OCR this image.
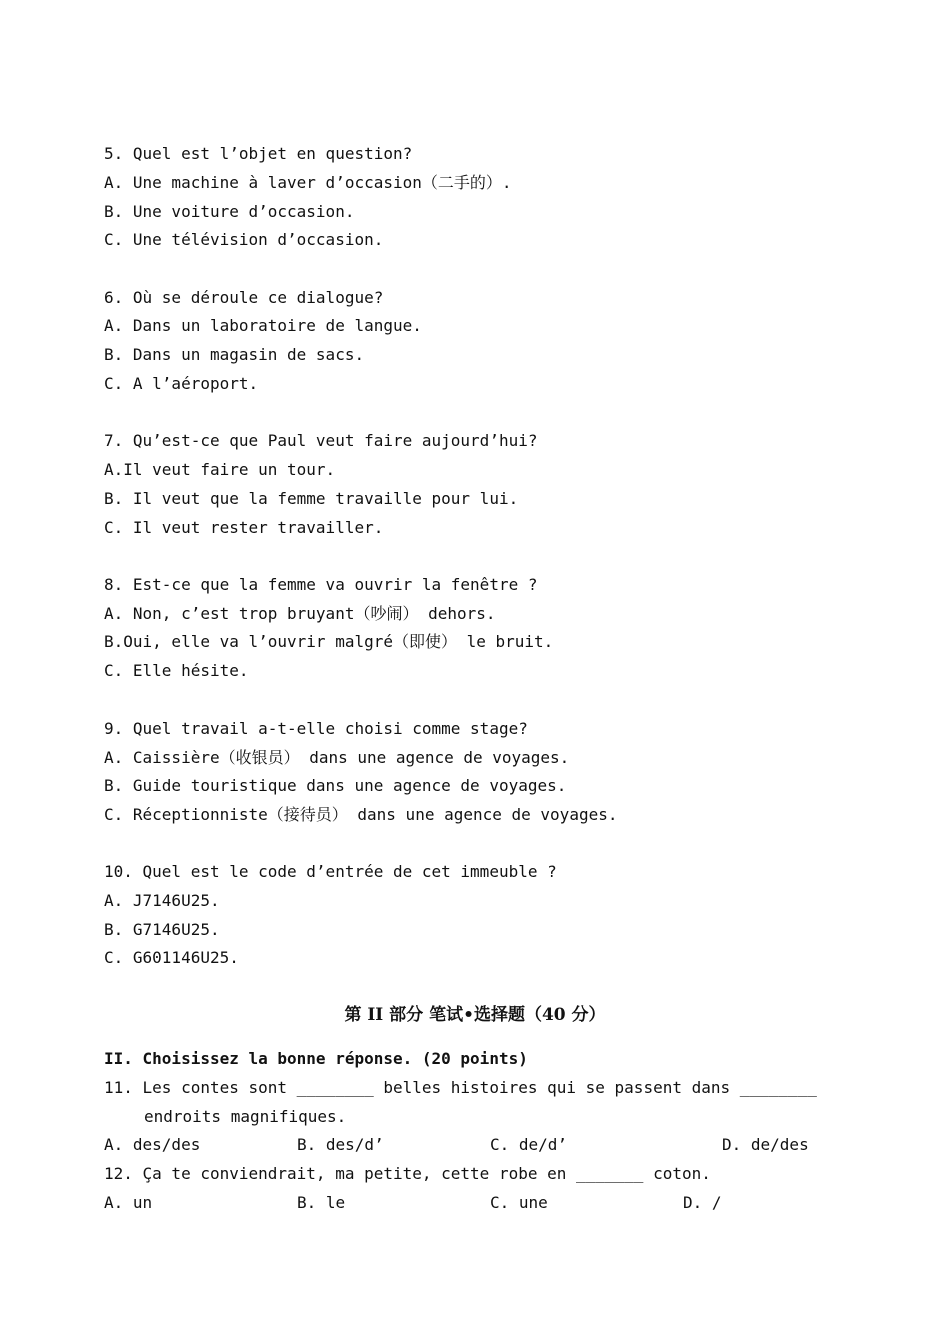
5. Quel est l’objet en question?
A. Une machine à laver d’occasion（二手的）.
B. Une voiture d’occasion.
C. Une télévision d’occasion.
6. Où se déroule ce dialogue?
A. Dans un laboratoire de langue.
B. Dans un magasin de sacs.
C. A l’aéroport.
7. Qu’est-ce que Paul veut faire aujourd’hui?
A.Il veut faire un tour.
B. Il veut que la femme travaille pour lui.
C. Il veut rester travailler.
8. Est-ce que la femme va ouvrir la fenêtre ?
A. Non, c’est trop bruyant（吵闹） dehors.
B.Oui, elle va l’ouvrir malgré（即使） le bruit.
C. Elle hésite.
9. Quel travail a-t-elle choisi comme stage?
A. Caissière（收银员） dans une agence de voyages.
B. Guide touristique dans une agence de voyages.
C. Réceptionniste（接待员） dans une agence de voyages.
10. Quel est le code d’entrée de cet immeuble ?
A. J7146U25.
B. G7146U25.
C. G601146U25.
第 II 部分 笔试•选择题（40 分）
II. Choisissez la bonne réponse. (20 points)
11. Les contes sont ________ belles histoires qui se passent dans ________
endroits magnifiques.
A. des/des	B. des/d’	C. de/d’	D. de/des
12. Ça te conviendrait, ma petite, cette robe en _______ coton.
A. un	B. le	C. une	D. /
